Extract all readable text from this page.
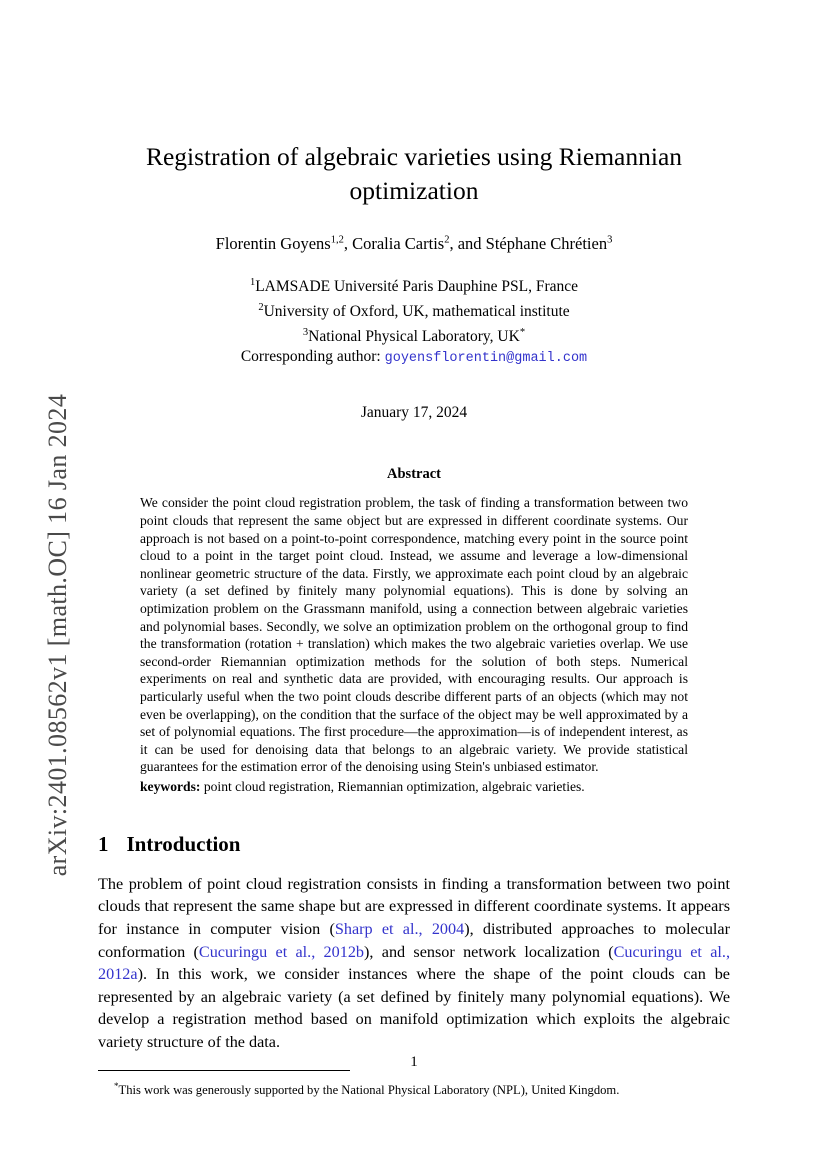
arXiv:2401.08562v1 [math.OC] 16 Jan 2024
Registration of algebraic varieties using Riemannian optimization
Florentin Goyens$^{1,2}$, Coralia Cartis$^2$, and Stéphane Chrétien$^3$
$^1$LAMSADE Université Paris Dauphine PSL, France
$^2$University of Oxford, UK, mathematical institute
$^3$National Physical Laboratory, UK*
Corresponding author: goyensflorentin@gmail.com
January 17, 2024
Abstract
We consider the point cloud registration problem, the task of finding a transformation between two point clouds that represent the same object but are expressed in different coordinate systems. Our approach is not based on a point-to-point correspondence, matching every point in the source point cloud to a point in the target point cloud. Instead, we assume and leverage a low-dimensional nonlinear geometric structure of the data. Firstly, we approximate each point cloud by an algebraic variety (a set defined by finitely many polynomial equations). This is done by solving an optimization problem on the Grassmann manifold, using a connection between algebraic varieties and polynomial bases. Secondly, we solve an optimization problem on the orthogonal group to find the transformation (rotation + translation) which makes the two algebraic varieties overlap. We use second-order Riemannian optimization methods for the solution of both steps. Numerical experiments on real and synthetic data are provided, with encouraging results. Our approach is particularly useful when the two point clouds describe different parts of an objects (which may not even be overlapping), on the condition that the surface of the object may be well approximated by a set of polynomial equations. The first procedure—the approximation—is of independent interest, as it can be used for denoising data that belongs to an algebraic variety. We provide statistical guarantees for the estimation error of the denoising using Stein's unbiased estimator.
keywords: point cloud registration, Riemannian optimization, algebraic varieties.
1 Introduction

The problem of point cloud registration consists in finding a transformation between two point clouds that represent the same shape but are expressed in different coordinate systems. It appears for instance in computer vision (Sharp et al., 2004), distributed approaches to molecular conformation (Cucuringu et al., 2012b), and sensor network localization (Cucuringu et al., 2012a). In this work, we consider instances where the shape of the point clouds can be represented by an algebraic variety (a set defined by finitely many polynomial equations). We develop a registration method based on manifold optimization which exploits the algebraic variety structure of the data.

*This work was generously supported by the National Physical Laboratory (NPL), United Kingdom.
1
